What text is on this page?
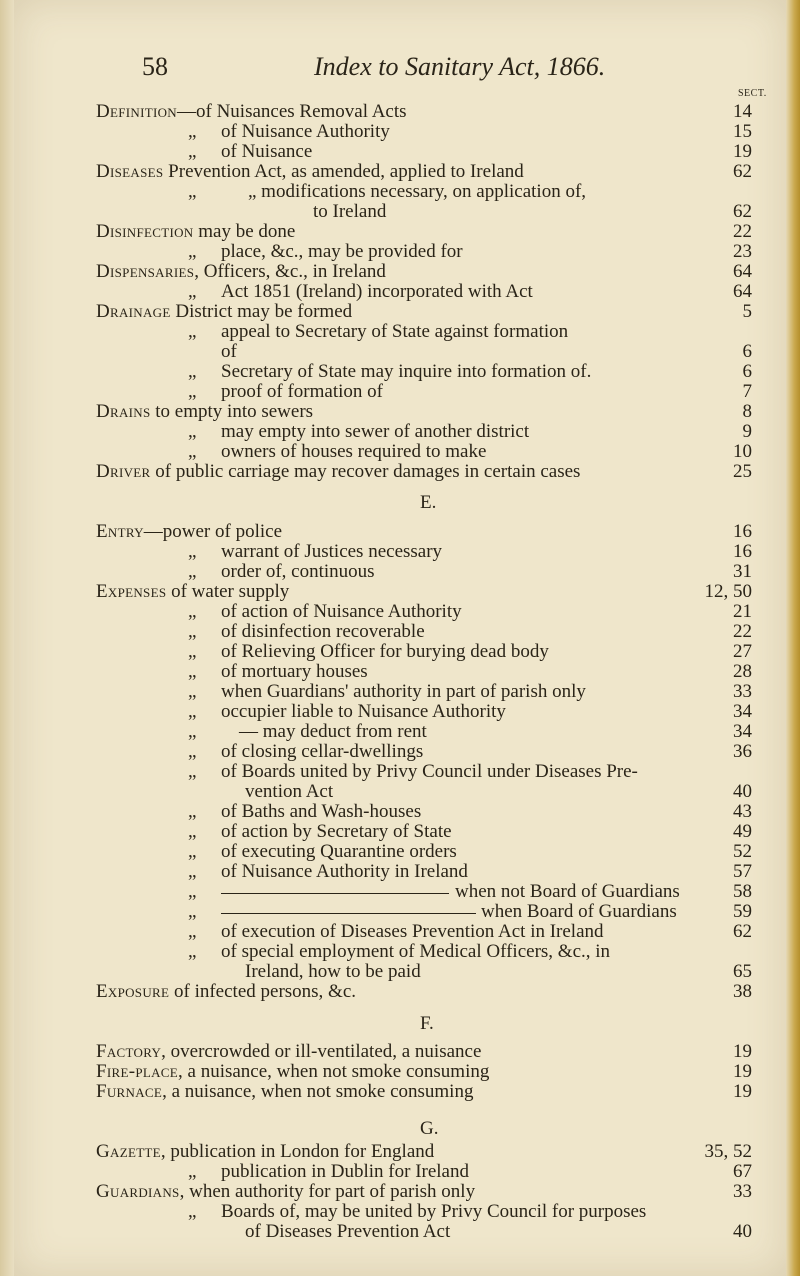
58	Index to Sanitary Act, 1866.
SECT.
Definition—of Nuisances Removal Acts	14
„ of Nuisance Authority	15
„ of Nuisance	19
Diseases Prevention Act, as amended, applied to Ireland	62
„	„ modifications necessary, on application of,
to Ireland	62
Disinfection may be done	22
„ place, &c., may be provided for	23
Dispensaries, Officers, &c., in Ireland	64
„ Act 1851 (Ireland) incorporated with Act	64
Drainage District may be formed	5
„ appeal to Secretary of State against formation
of	6
„ Secretary of State may inquire into formation of.	6
„ proof of formation of	7
Drains to empty into sewers	8
„ may empty into sewer of another district	9
„ owners of houses required to make	10
Driver of public carriage may recover damages in certain cases	25
E.
Entry—power of police	16
„ warrant of Justices necessary	16
„ order of, continuous	31
Expenses of water supply	12, 50
„ of action of Nuisance Authority	21
„ of disinfection recoverable	22
„ of Relieving Officer for burying dead body	27
„ of mortuary houses	28
„ when Guardians' authority in part of parish only	33
„ occupier liable to Nuisance Authority	34
„ — may deduct from rent	34
„ of closing cellar-dwellings	36
„ of Boards united by Privy Council under Diseases Pre-
vention Act	40
„ of Baths and Wash-houses	43
„ of action by Secretary of State	49
„ of executing Quarantine orders	52
„ of Nuisance Authority in Ireland	57
„	when not Board of Guardians	58
„	when Board of Guardians	59
„ of execution of Diseases Prevention Act in Ireland	62
„ of special employment of Medical Officers, &c., in
Ireland, how to be paid	65
Exposure of infected persons, &c.	38
F.
Factory, overcrowded or ill-ventilated, a nuisance	19
Fire-place, a nuisance, when not smoke consuming	19
Furnace, a nuisance, when not smoke consuming	19
G.
Gazette, publication in London for England	35, 52
„ publication in Dublin for Ireland	67
Guardians, when authority for part of parish only	33
„ Boards of, may be united by Privy Council for purposes
of Diseases Prevention Act	40
